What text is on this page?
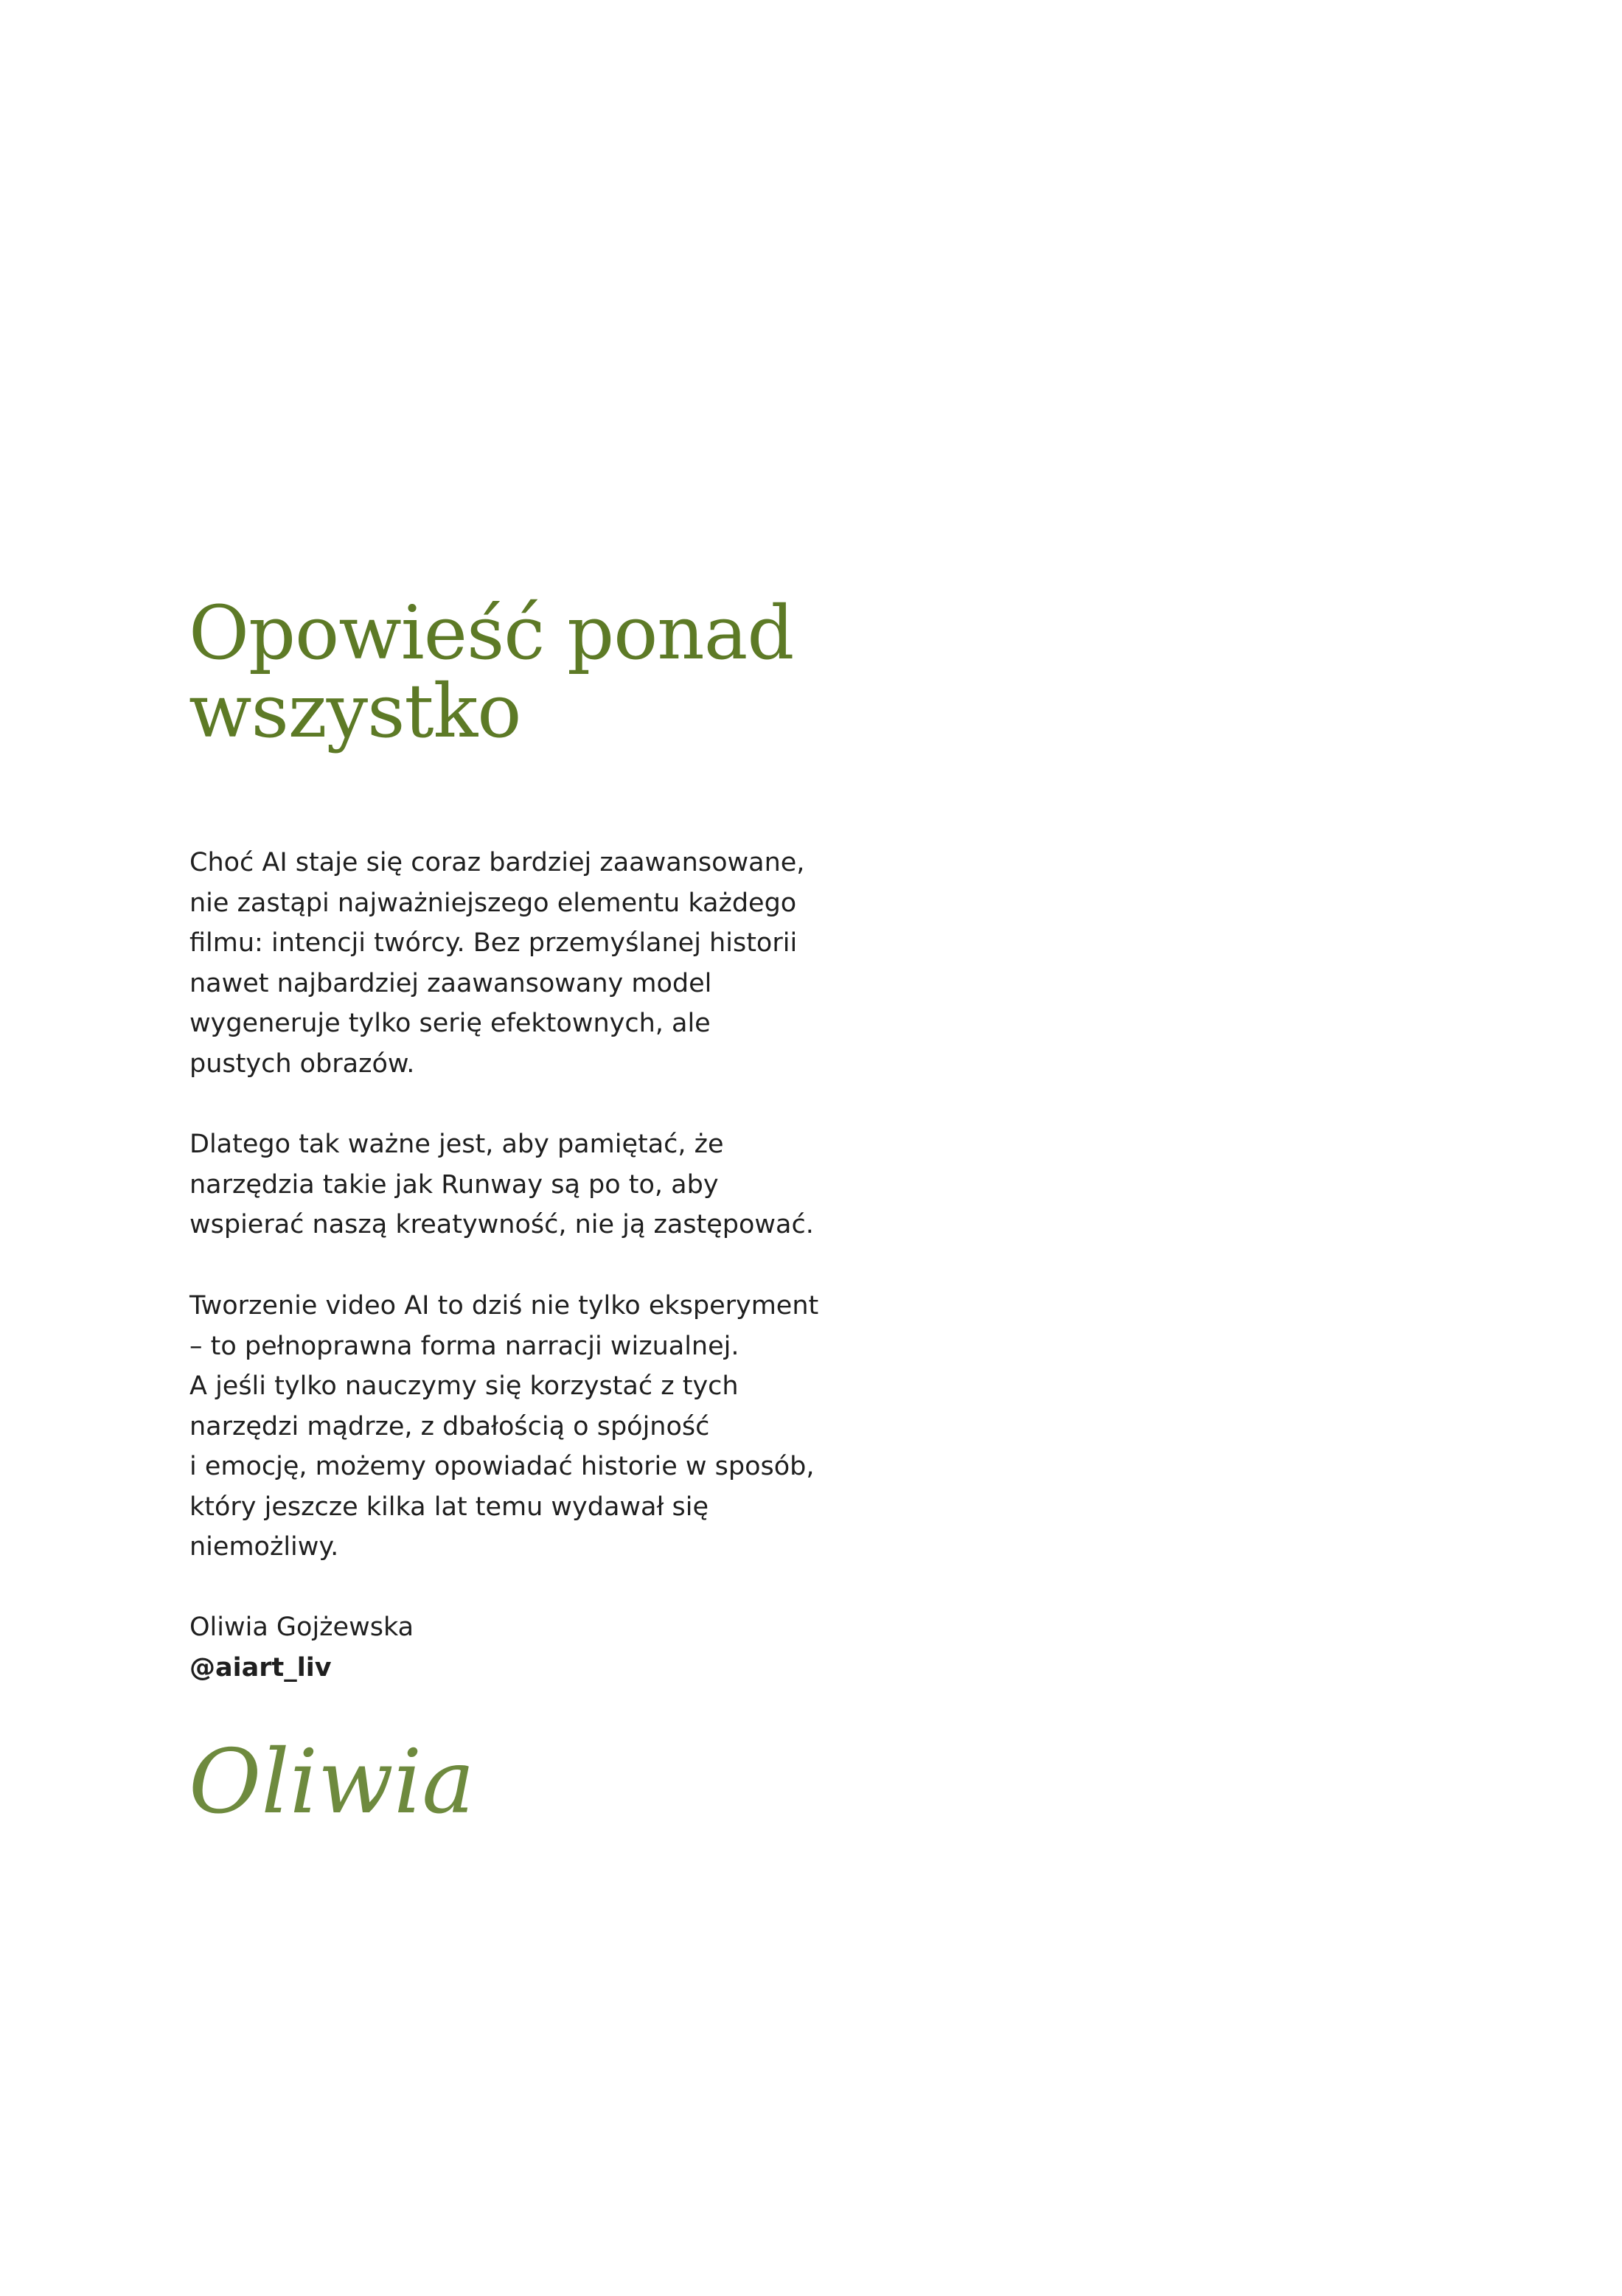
Opowieść ponad
wszystko
Choć AI staje się coraz bardziej zaawansowane,
nie zastąpi najważniejszego elementu każdego
filmu: intencji twórcy. Bez przemyślanej historii
nawet najbardziej zaawansowany model
wygeneruje tylko serię efektownych, ale
pustych obrazów.
Dlatego tak ważne jest, aby pamiętać, że
narzędzia takie jak Runway są po to, aby
wspierać naszą kreatywność, nie ją zastępować.
Tworzenie video AI to dziś nie tylko eksperyment
– to pełnoprawna forma narracji wizualnej.
A jeśli tylko nauczymy się korzystać z tych
narzędzi mądrze, z dbałością o spójność
i emocję, możemy opowiadać historie w sposób,
który jeszcze kilka lat temu wydawał się
niemożliwy.
Oliwia Gojżewska
@aiart_liv
Oliwia
